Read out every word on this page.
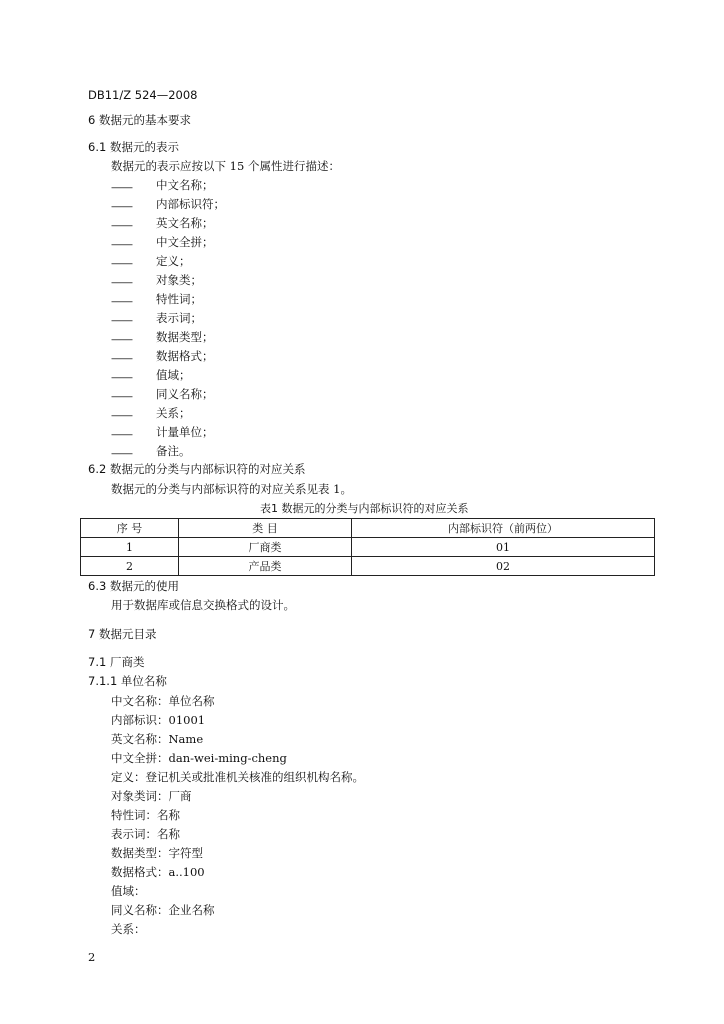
DB11/Z 524—2008
6 数据元的基本要求
6.1 数据元的表示
数据元的表示应按以下 15 个属性进行描述：
—— 中文名称；
—— 内部标识符；
—— 英文名称；
—— 中文全拼；
—— 定义；
—— 对象类；
—— 特性词；
—— 表示词；
—— 数据类型；
—— 数据格式；
—— 值域；
—— 同义名称；
—— 关系；
—— 计量单位；
—— 备注。
6.2 数据元的分类与内部标识符的对应关系
数据元的分类与内部标识符的对应关系见表 1。
表1 数据元的分类与内部标识符的对应关系
序 号	类 目	内部标识符（前两位）
1	厂商类	01
2	产品类	02
6.3 数据元的使用
用于数据库或信息交换格式的设计。
7 数据元目录
7.1 厂商类
7.1.1 单位名称
中文名称：单位名称
内部标识：01001
英文名称：Name
中文全拼：dan-wei-ming-cheng
定义：登记机关或批准机关核准的组织机构名称。
对象类词：厂商
特性词：名称
表示词：名称
数据类型：字符型
数据格式：a..100
值域：
同义名称：企业名称
关系：
2
